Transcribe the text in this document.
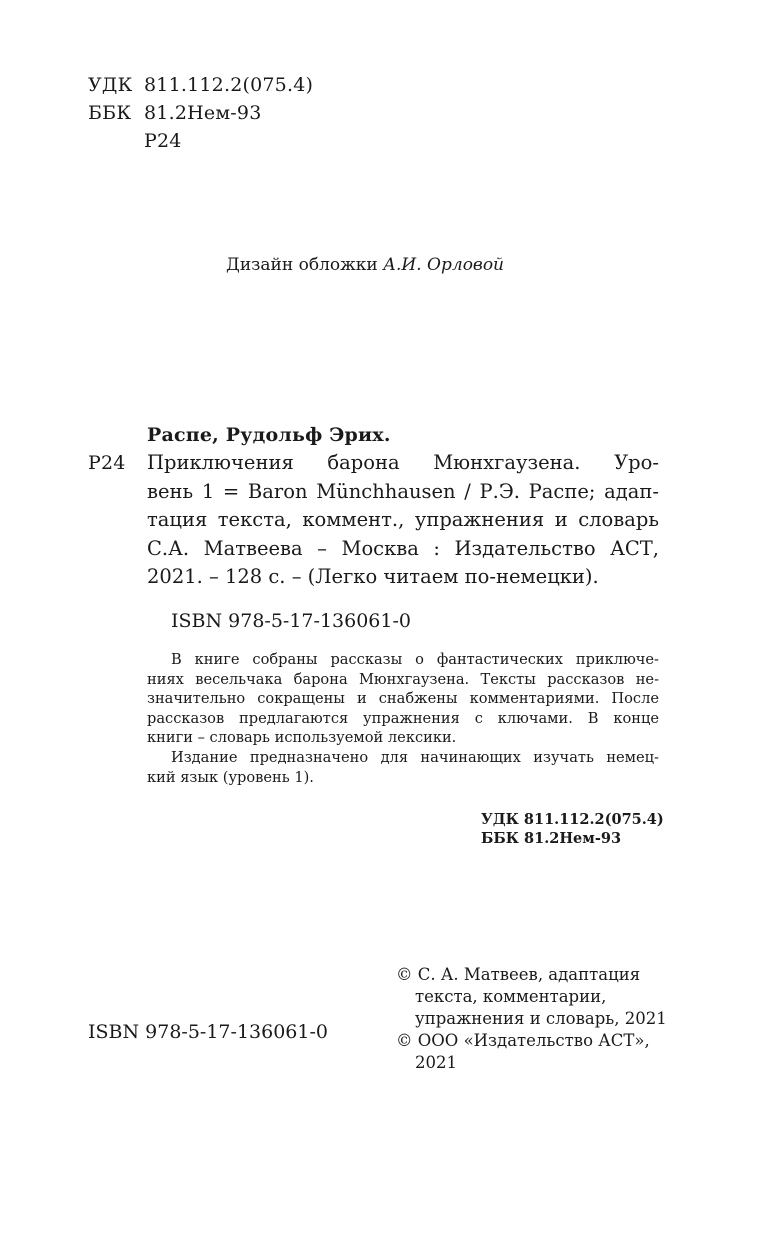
УДК 811.112.2(075.4)
ББК 81.2Нем-93
Р24
Дизайн обложки А.И. Орловой
Распе, Рудольф Эрих.
Р24 Приключения барона Мюнхгаузена. Уро-
вень 1 = Baron Münchhausen / Р.Э. Распе; адап-
тация текста, коммент., упражнения и словарь
С.А. Матвеева – Москва : Издательство АСТ,
2021. – 128 с. – (Легко читаем по-немецки).
ISBN 978-5-17-136061-0
В книге собраны рассказы о фантастических приключе-
ниях весельчака барона Мюнхгаузена. Тексты рассказов не-
значительно сокращены и снабжены комментариями. После
рассказов предлагаются упражнения с ключами. В конце
книги – словарь используемой лексики.
Издание предназначено для начинающих изучать немец-
кий язык (уровень 1).
УДК 811.112.2(075.4)
ББК 81.2Нем-93
© С. А. Матвеев, адаптация
текста, комментарии,
упражнения и словарь, 2021
© ООО «Издательство АСТ»,
2021
ISBN 978-5-17-136061-0
